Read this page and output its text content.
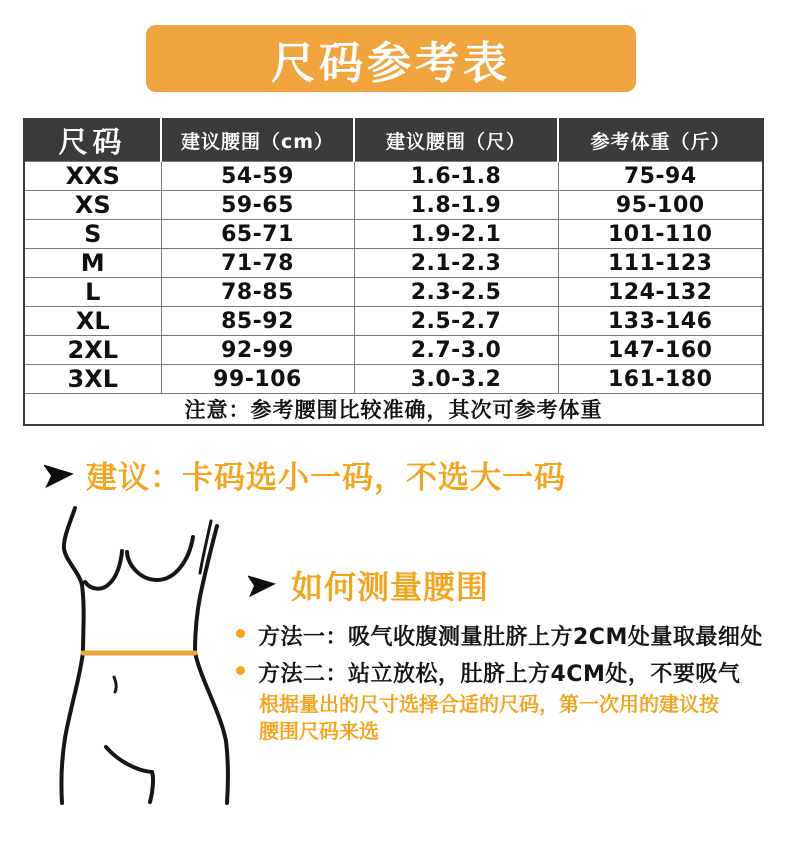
尺码参考表
尺码	建议腰围（cm）	建议腰围（尺）	参考体重（斤）
XXS	54-59	1.6-1.8	75-94
XS	59-65	1.8-1.9	95-100
S	65-71	1.9-2.1	101-110
M	71-78	2.1-2.3	111-123
L	78-85	2.3-2.5	124-132
XL	85-92	2.5-2.7	133-146
2XL	92-99	2.7-3.0	147-160
3XL	99-106	3.0-3.2	161-180
注意：参考腰围比较准确，其次可参考体重			
建议：卡码选小一码，不选大一码
如何测量腰围
方法一：吸气收腹测量肚脐上方2CM处量取最细处
方法二：站立放松，肚脐上方4CM处，不要吸气
根据量出的尺寸选择合适的尺码，第一次用的建议按腰围尺码来选
